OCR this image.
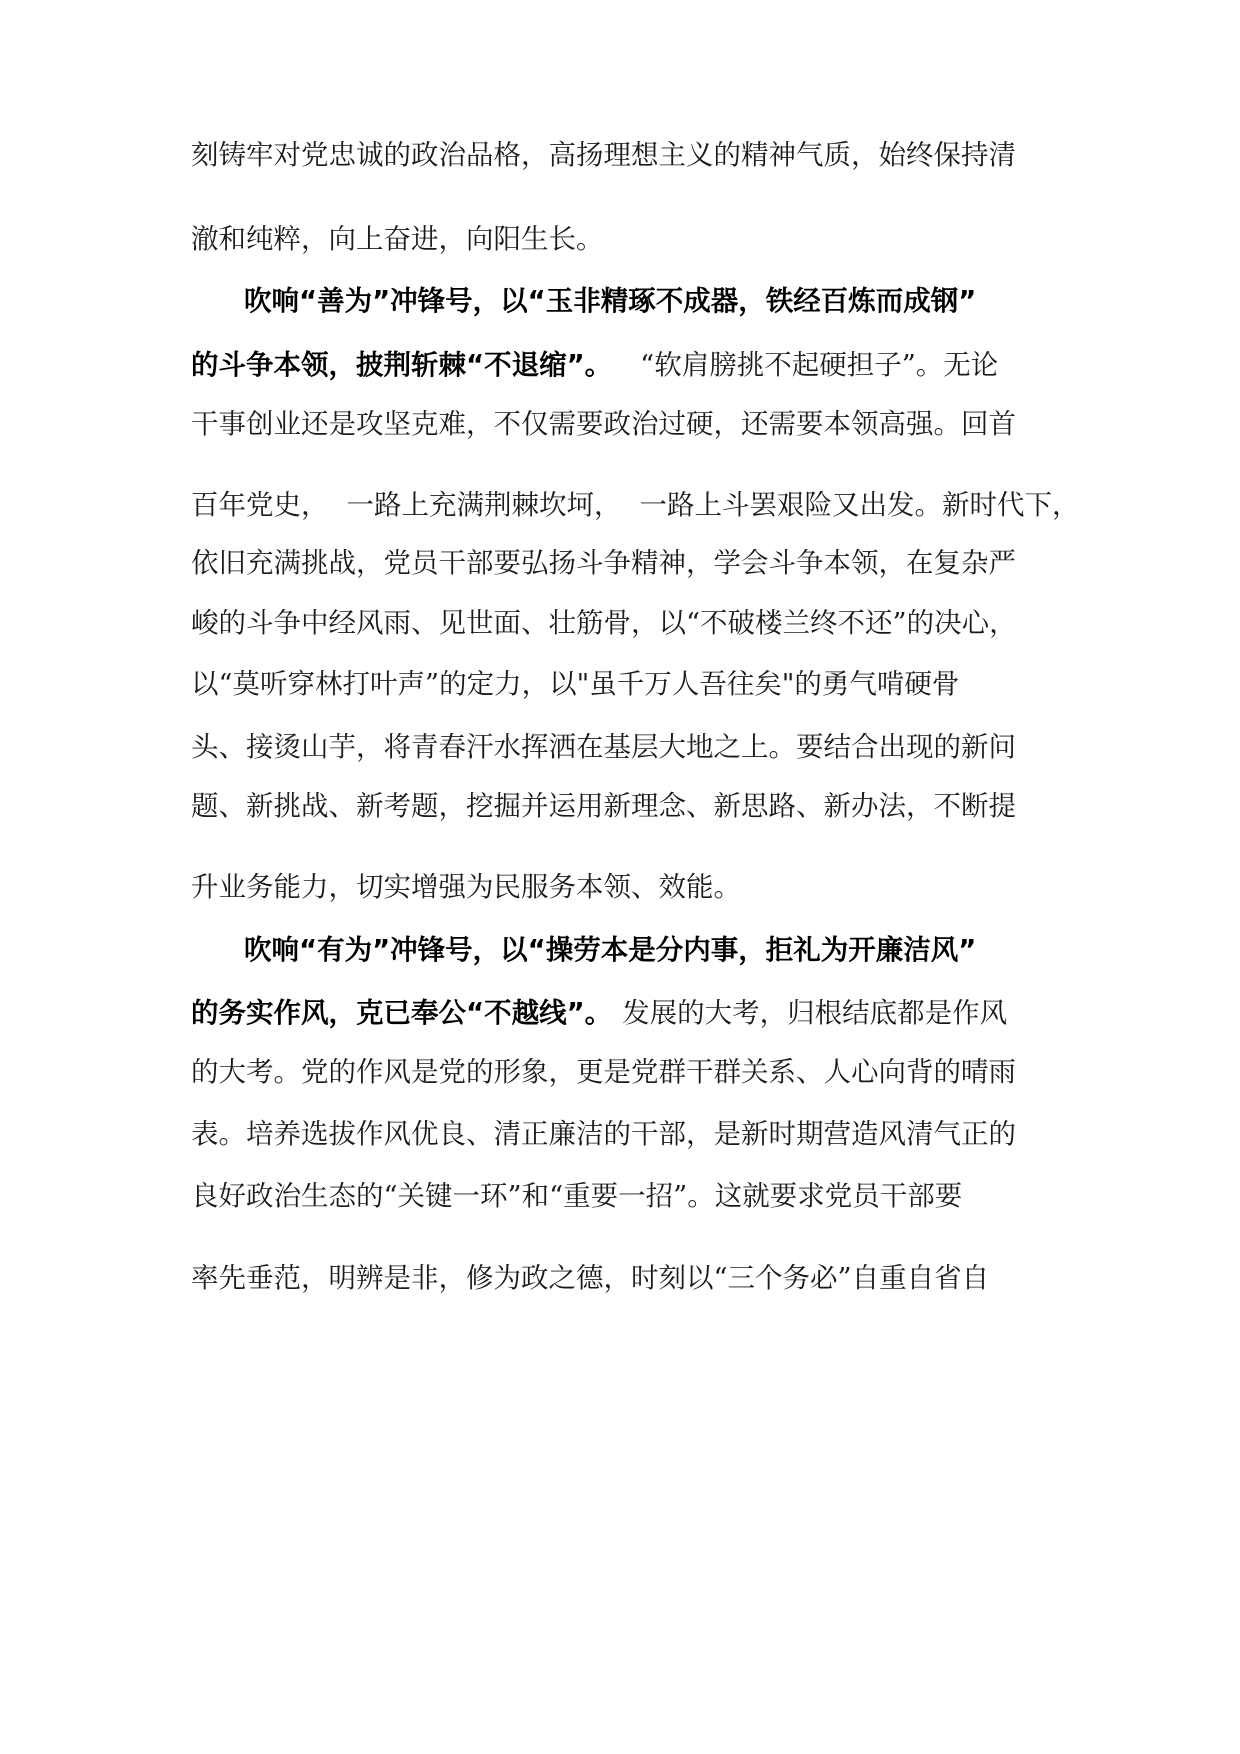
刻铸牢对党忠诚的政治品格，高扬理想主义的精神气质，始终保持清
澈和纯粹，向上奋进，向阳生长。
吹响“善为”冲锋号，以“玉非精琢不成器，铁经百炼而成钢”
的斗争本领，披荆斩棘“不退缩”。 “软肩膀挑不起硬担子”。无论
干事创业还是攻坚克难，不仅需要政治过硬，还需要本领高强。回首
百年党史， 一路上充满荆棘坎坷， 一路上斗罢艰险又出发。新时代下，
依旧充满挑战，党员干部要弘扬斗争精神，学会斗争本领，在复杂严
峻的斗争中经风雨、见世面、壮筋骨，以“不破楼兰终不还”的决心，
以“莫听穿林打叶声”的定力，以"虽千万人吾往矣"的勇气啃硬骨
头、接烫山芋，将青春汗水挥洒在基层大地之上。要结合出现的新问
题、新挑战、新考题，挖掘并运用新理念、新思路、新办法，不断提
升业务能力，切实增强为民服务本领、效能。
吹响“有为”冲锋号，以“操劳本是分内事，拒礼为开廉洁风”
的务实作风，克已奉公“不越线”。 发展的大考，归根结底都是作风
的大考。党的作风是党的形象，更是党群干群关系、人心向背的晴雨
表。培养选拔作风优良、清正廉洁的干部，是新时期营造风清气正的
良好政治生态的“关键一环”和“重要一招”。这就要求党员干部要
率先垂范，明辨是非，修为政之德，时刻以“三个务必”自重自省自
